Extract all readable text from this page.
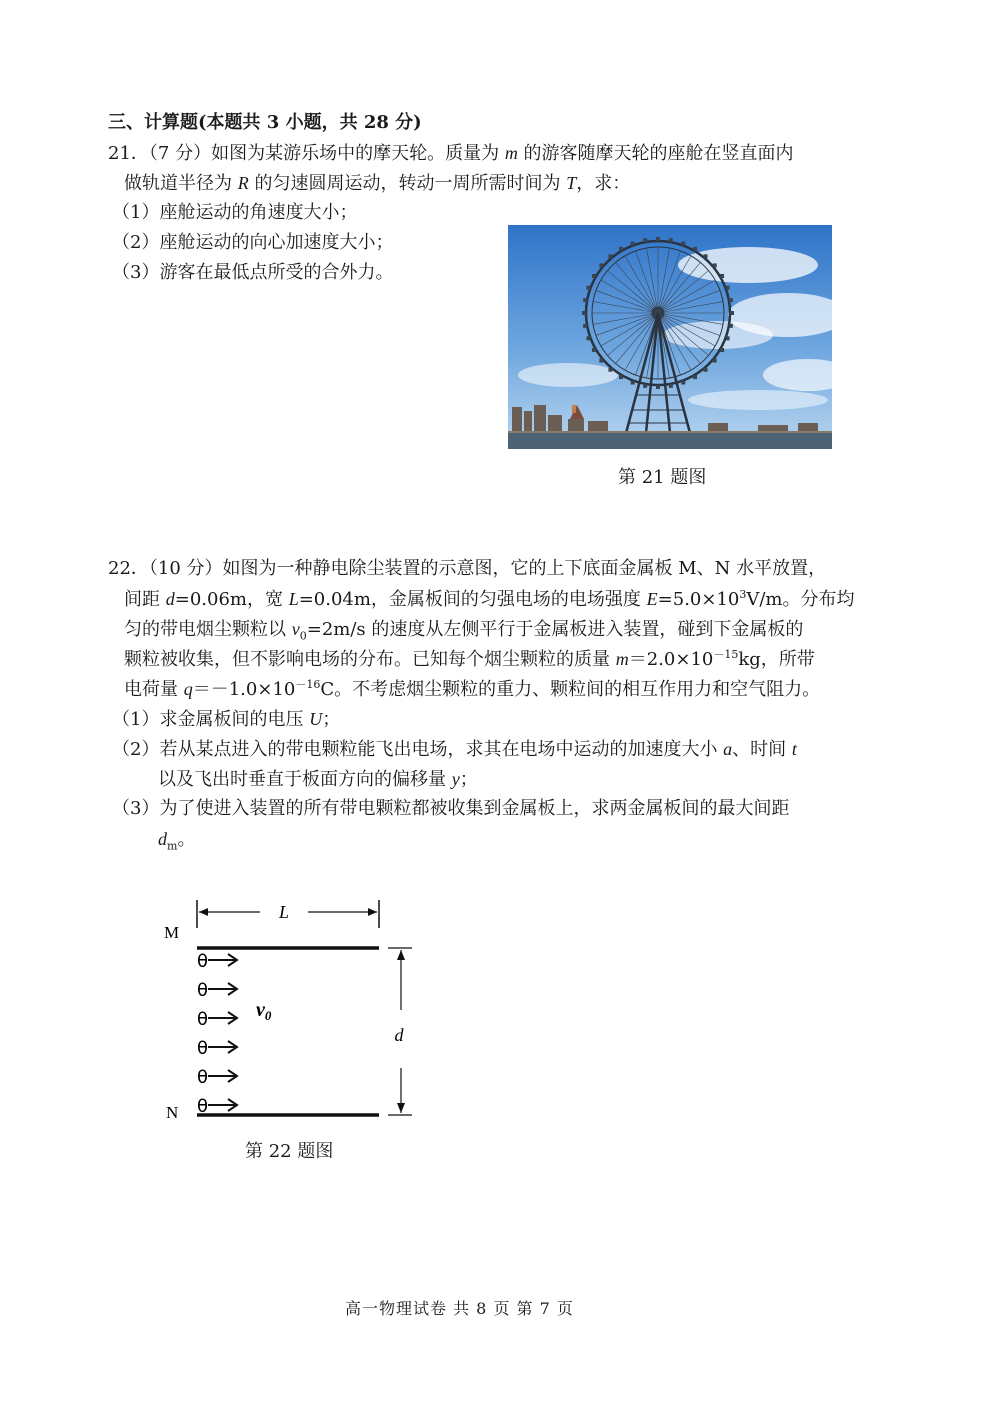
三、计算题(本题共 3 小题，共 28 分)
21．（7 分）如图为某游乐场中的摩天轮。质量为 m 的游客随摩天轮的座舱在竖直面内
做轨道半径为 R 的匀速圆周运动，转动一周所需时间为 T，求：
（1）座舱运动的角速度大小；
（2）座舱运动的向心加速度大小；
（3）游客在最低点所受的合外力。
第 21 题图
22．（10 分）如图为一种静电除尘装置的示意图，它的上下底面金属板 M、N 水平放置，
间距 d=0.06m，宽 L=0.04m，金属板间的匀强电场的电场强度 $E=5.0\times 10^3V/m$。分布均
匀的带电烟尘颗粒以 $v_0=2m/s$ 的速度从左侧平行于金属板进入装置，碰到下金属板的
颗粒被收集，但不影响电场的分布。已知每个烟尘颗粒的质量 $m=2.0\times 10^{-15}kg$，所带
电荷量 $q=-1.0\times 10^{-16}C$。不考虑烟尘颗粒的重力、颗粒间的相互作用力和空气阻力。
（1）求金属板间的电压 U；
（2）若从某点进入的带电颗粒能飞出电场，求其在电场中运动的加速度大小 a、时间 t
以及飞出时垂直于板面方向的偏移量 y；
（3）为了使进入装置的所有带电颗粒都被收集到金属板上，求两金属板间的最大间距
$d_m$。
L
M
N
d
$v_0$
θ
θ
θ
θ
θ
θ
第 22 题图
高一物理试卷 共 8 页 第 7 页
